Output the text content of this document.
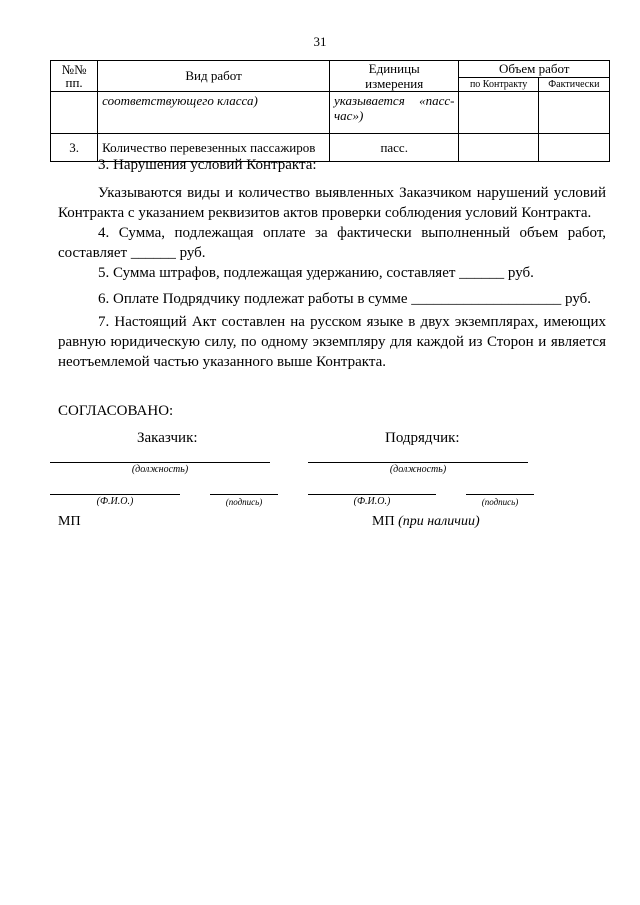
31
№№
пп.	Вид работ	Единицы
измерения	Объем работ	
			по Контракту	Фактически
	соответствующего класса)	указывается «пасс-
час»)		

3.	Количество перевезенных пассажиров	пасс.		
3. Нарушения условий Контракта:
Указываются виды и количество выявленных Заказчиком нарушений условий
Контракта с указанием реквизитов актов проверки соблюдения условий Контракта.
4. Сумма, подлежащая оплате за фактически выполненный объем работ,
составляет ______ руб.
5. Сумма штрафов, подлежащая удержанию, составляет ______ руб.
6. Оплате Подрядчику подлежат работы в сумме ____________________ руб.
7. Настоящий Акт составлен на русском языке в двух экземплярах, имеющих
равную юридическую силу, по одному экземпляру для каждой из Сторон и является
неотъемлемой частью указанного выше Контракта.
СОГЛАСОВАНО:
Заказчик:	Подрядчик:
(должность)	(должность)
(Ф.И.О.)	(подпись)	(Ф.И.О.)	(подпись)
МП	МП (при наличии)
